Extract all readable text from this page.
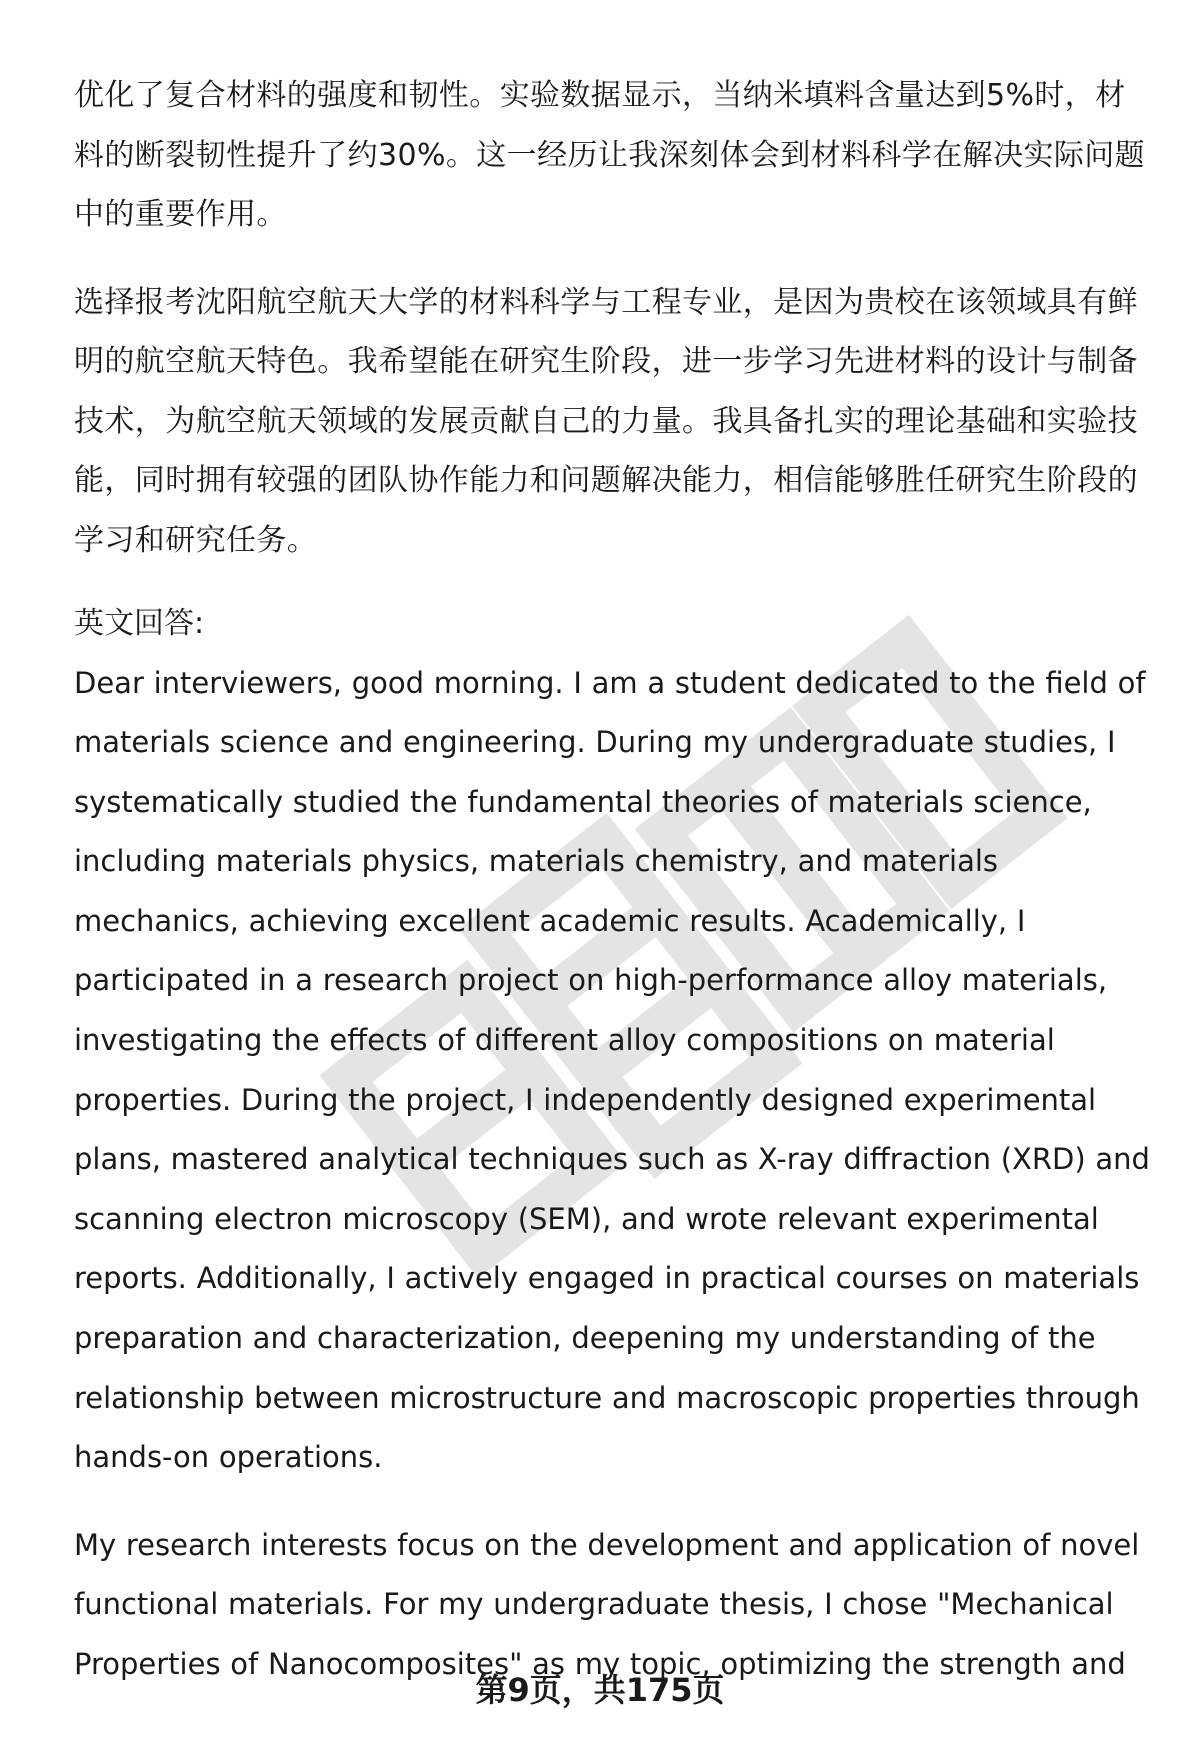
优化了复合材料的强度和韧性。实验数据显示，当纳米填料含量达到5%时，材料的断裂韧性提升了约30%。这一经历让我深刻体会到材料科学在解决实际问题中的重要作用。

选择报考沈阳航空航天大学的材料科学与工程专业，是因为贵校在该领域具有鲜明的航空航天特色。我希望能在研究生阶段，进一步学习先进材料的设计与制备技术，为航空航天领域的发展贡献自己的力量。我具备扎实的理论基础和实验技能，同时拥有较强的团队协作能力和问题解决能力，相信能够胜任研究生阶段的学习和研究任务。

英文回答:

Dear interviewers, good morning. I am a student dedicated to the field of materials science and engineering. During my undergraduate studies, I systematically studied the fundamental theories of materials science, including materials physics, materials chemistry, and materials mechanics, achieving excellent academic results. Academically, I participated in a research project on high-performance alloy materials, investigating the effects of different alloy compositions on material properties. During the project, I independently designed experimental plans, mastered analytical techniques such as X-ray diffraction (XRD) and scanning electron microscopy (SEM), and wrote relevant experimental reports. Additionally, I actively engaged in practical courses on materials preparation and characterization, deepening my understanding of the relationship between microstructure and macroscopic properties through hands-on operations.

My research interests focus on the development and application of novel functional materials. For my undergraduate thesis, I chose "Mechanical Properties of Nanocomposites" as my topic, optimizing the strength and

第9页，共175页
